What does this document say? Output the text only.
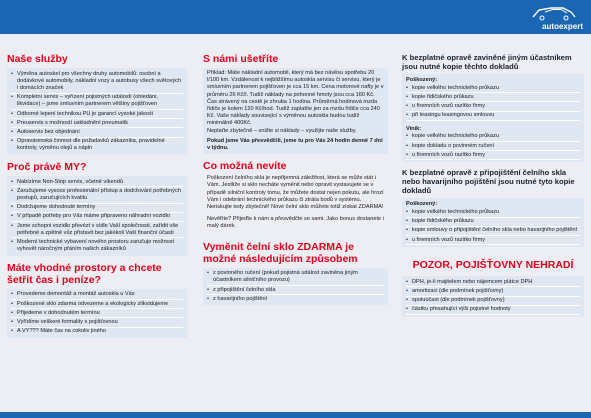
autoexpert
Naše služby
• Výměna autoskel pro všechny druhy automobilů: osobní a dodávkové automobily, nákladní vozy a autobusy všech světových i domácích značek
• Kompletní servis – vyřízení pojistných událostí (ohledání, likvidace) – jsme smluvním partnerem většiny pojišťoven
• Odborné lepení technikou PU je garancí vysoké jakosti
• Preuservis s možností uskladnění pneumatik
• Autoservis bez objednání
• Opravárenská činnost dle požadavků zákazníka, pravidelné kontroly, výměnu olejů a nápln
Proč právě MY?
• Nabízíme Non-Stop servis, včetně víkendů
• Zaručujeme vysoce profesionální přístup a dodržování potřebných postupů, zaručujících kvalitu
• Dodržujeme dohodnuté termíny
• V případě potřeby pro Vás máme připraveno náhradní vozidlo
• Jsme schopni vozidlo převézt v sídle Vaší společnosti, zařídit vše potřebné a zpětně vůz přistavit bez jakékoli Vaší finanční účasti
• Moderní technické vybavení nového prostoru zaručuje možnost vyhovět náročným přáním našich zákazníků
Máte vhodné prostory a chcete šetřit čas i peníze?
• Provedeme demontáž a montáž autoskla u Vás
• Poškozené sklo zdarma odvezeme a ekologicky zlikvidujeme
• Přijedeme v dohodnutém termínu
• Vyřídíme veškeré formality s pojišťovnou
• A VY??? Máte čas na cokoliv jiného
S námi ušetříte

Příklad: Máte nákladní automobil, který má bez návěsu spotřebu 20 l/100 km. Vzdálenost k nejbližšímu autoskla servisu či servisu, který je smluvním partnerem pojišťoven je cca 15 km. Cena motorové nafty je v průměru 26 Kč/l. Tudíž náklady na pohonné hmoty jsou cca 160 Kč. Čas strávený na cestě je zhruba 1 hodina. Průměrná hodinová mzda řidiče je kolem 120 Kč/hod. Tudíž zaplatíte jen za mzdu řidiče cca 240 Kč. Vaše náklady související s výměnou autoskla budou tudíž minimálně 400Kč.

Neplaťte zbytečně – snižte si náklady – využijte naše služby.

Pokud jsme Vás přesvědčili, jsme tu pro Vás 24 hodin denně 7 dní v týdnu.

Co možná nevíte

Poškození čelního skla je nepřijemná záležitost, která se může stát i Vám. Jestliže si sklo necháte vyměnit nebo opravit vystavujete se v případě silniční kontroly tomu, že můžete dostat nejen pokutu, ale hrozí Vám i odebrání technického průkazu či ztráta bodů v systému. Neriskujte tedy zbytečně! Nové čelní sklo můžete totiž získat ZDARMA!

Nevěříte? Přijeďte k nám a přesvědčte se sami. Jako bonus dostanete i malý dárek.

Vyměnit čelní sklo ZDARMA je možné následujícím způsobem
• z povinného ručení (pokud pojistná událost zaviněna jiným účastníkem silničního provozu)
• z připojištění čelního skla
• z havarijního pojištění
K bezplatné opravě zaviněné jiným účastníkem jsou nutné kopie těchto dokladů
Poškozený:
• kopie velkého technického průkazu
• kopie řidičského průkazu
• u firemních vozů razítko firmy
• při leasingu leasingovou smlouvu
Viník:
• kopie velkého technického průkazu
• kopie dokladu o povinném ručení
• u firemních vozů razítko firmy
K bezplatné opravě z připojištění čelního skla nebo havarijního pojištění jsou nutné tyto kopie dokladů
Poškozený:
• kopie velkého technického průkazu
• kopie řidičského průkazu
• kopie smlouvy o připojištění čelního skla nebo havarijního pojištění
• u firemních vozů razítko firmy
POZOR, POJIŠŤOVNY NEHRADÍ
• DPH, je-li majitelem nebo nájemcem plátce DPH
• amortizaci (dle podmínek pojišťovny)
• spoluúčast (dle podmínek pojišťovny)
• částku přesahující výši pojistné hodnoty
